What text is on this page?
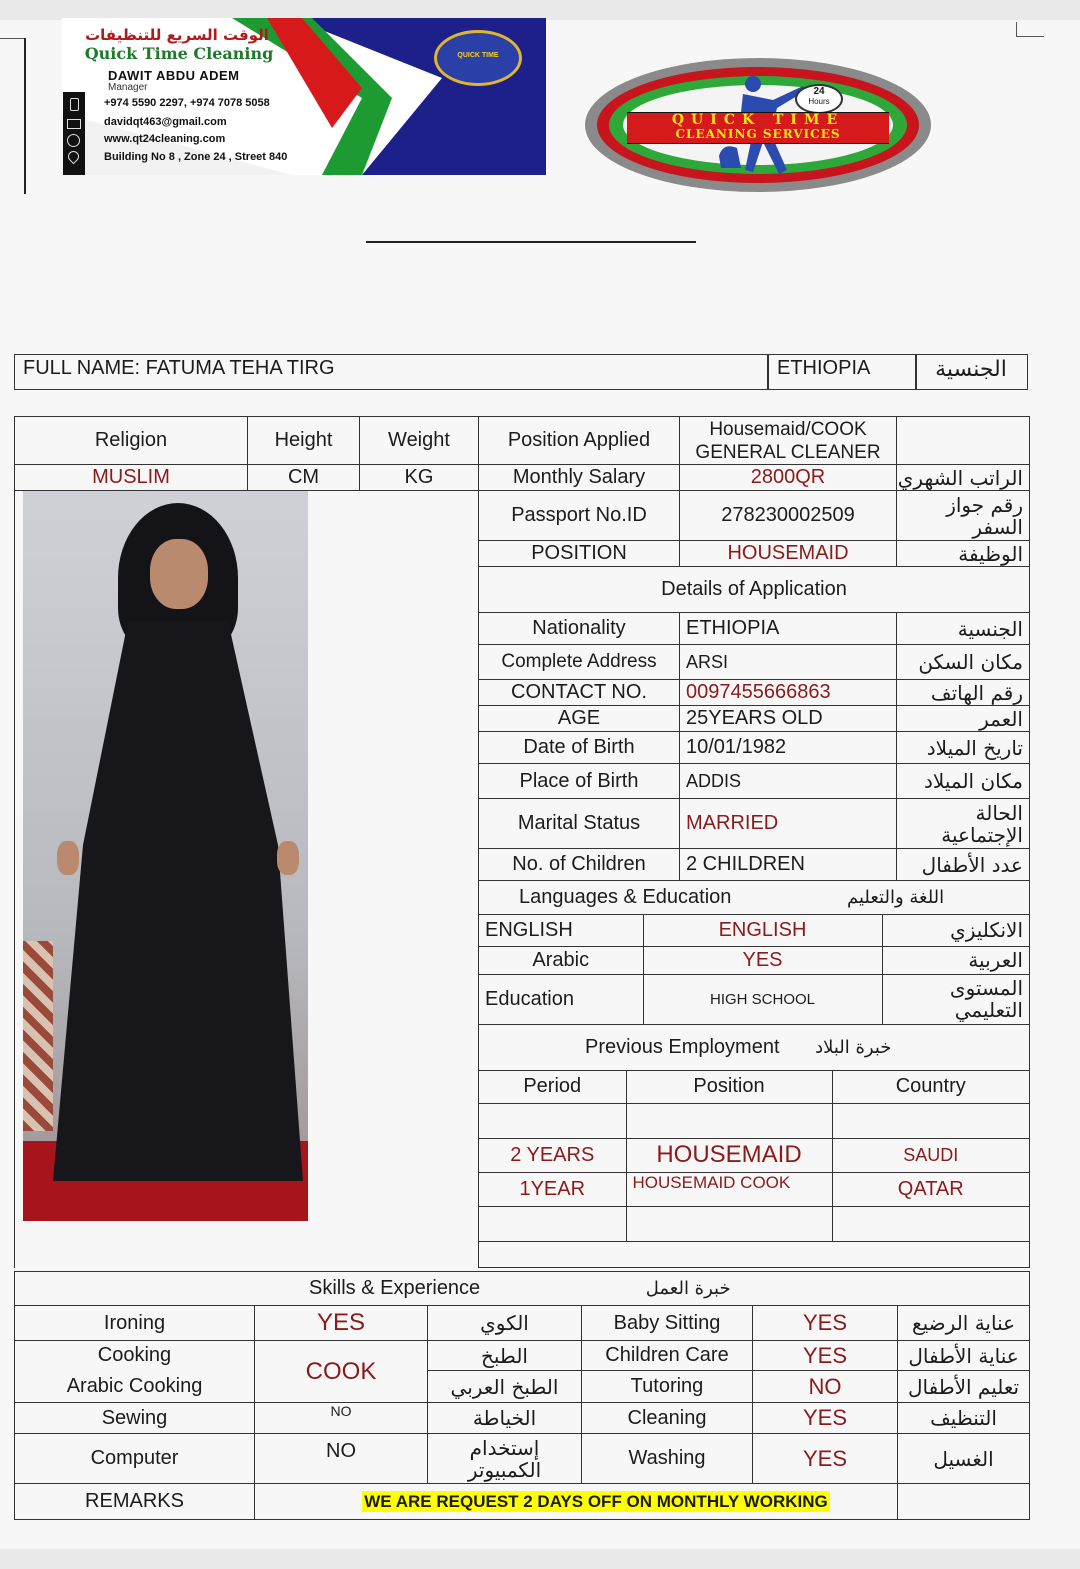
الوقت السريع للتنظيفات
Quick Time Cleaning
DAWIT ABDU ADEM
Manager
+974 5590 2297, +974 7078 5058
davidqt463@gmail.com
www.qt24cleaning.com
Building No 8 , Zone 24 , Street 840
QUICK TIME
24
Hours
QUICK TIME
CLEANING SERVICES
FULL NAME: FATUMA TEHA TIRG	ETHIOPIA	الجنسية
Religion	Height	Weight	Position Applied	Housemaid/COOK GENERAL CLEANER	
MUSLIM	CM	KG	Monthly Salary	2800QR	الراتب الشهري
	Passport No.ID	278230002509	رقم جواز السفر
POSITION	HOUSEMAID	الوظيفة
Details of Application
Nationality	ETHIOPIA	الجنسية
Complete Address	ARSI	مكان السكن
CONTACT NO.	0097455666863	رقم الهاتف
AGE	25YEARS OLD	العمر
Date of Birth	10/01/1982	تاريخ الميلاد
Place of Birth	ADDIS	مكان الميلاد
Marital Status	MARRIED	الحالة الإجتماعية
No. of Children	2 CHILDREN	عدد الأطفال
Languages & Education	اللغة والتعليم

ENGLISH	ENGLISH	الانكليزي
Arabic	YES	العربية
Education	HIGH SCHOOL	المستوى التعليمي

Previous Employment خبرة البلاد

Period	Position	Country

2 YEARS	HOUSEMAID	SAUDI
1YEAR	HOUSEMAID COOK	QATAR

Skills & Experience خبرة العمل					
Ironing	YES	الكوي	Baby Sitting	YES	عناية الرضيع
Cooking	COOK	الطبخ	Children Care	YES	عناية الأطفال
Arabic Cooking		الطبخ العربي	Tutoring	NO	تعليم الأطفال
Sewing	NO	الخياطة	Cleaning	YES	التنظيف
Computer	NO	إستخدام الكمبيوتر	Washing	YES	الغسيل
REMARKS	WE ARE REQUEST 2 DAYS OFF ON MONTHLY WORKING				
